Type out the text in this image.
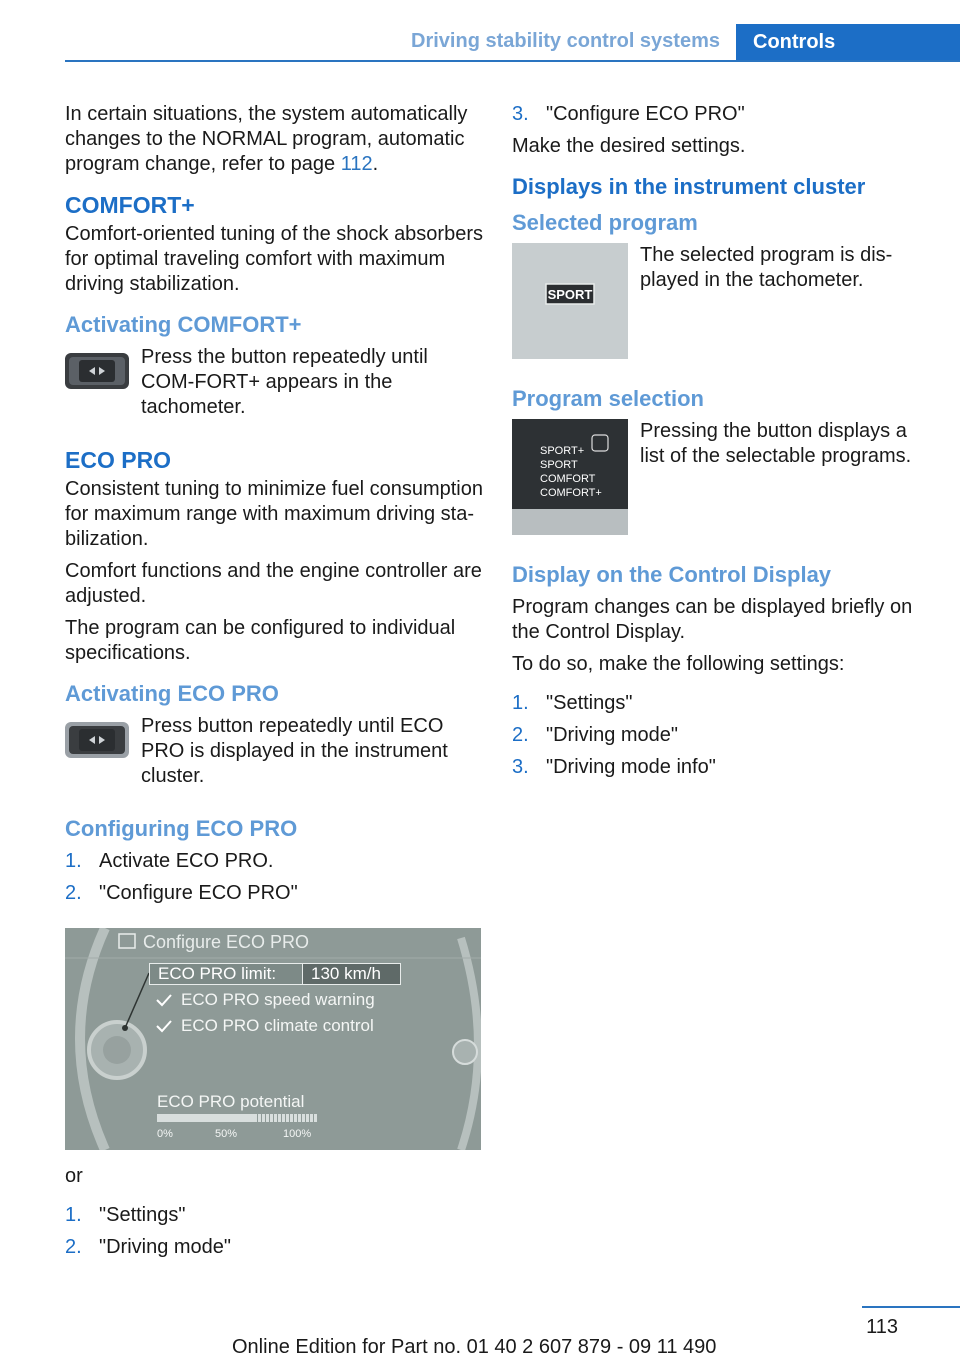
Driving stability control systems	Controls

In certain situations, the system automatically changes to the NORMAL program, automatic program change, refer to page 112.

COMFORT+

Comfort-oriented tuning of the shock absorbers for optimal traveling comfort with maximum driving stabilization.

Activating COMFORT+
Press the button repeatedly until COM-FORT+ appears in the tachometer.
ECO PRO

Consistent tuning to minimize fuel consumption for maximum range with maximum driving sta-bilization.

Comfort functions and the engine controller are adjusted.

The program can be configured to individual specifications.

Activating ECO PRO
Press button repeatedly until ECO PRO is displayed in the instrument cluster.
Configuring ECO PRO
1. Activate ECO PRO.
2. "Configure ECO PRO"
Configure ECO PRO
ECO PRO limit:	130 km/h
ECO PRO speed warning
ECO PRO climate control
ECO PRO potential
0%	50%	100%

or

1. "Settings"
2. "Driving mode"
3. "Configure ECO PRO"

Make the desired settings.

Displays in the instrument cluster
Selected program
SPORT
The selected program is dis-played in the tachometer.
Program selection
SPORT+
SPORT
COMFORT
COMFORT+
Pressing the button displays a list of the selectable programs.
Display on the Control Display

Program changes can be displayed briefly on the Control Display.

To do so, make the following settings:

1. "Settings"
2. "Driving mode"
3. "Driving mode info"
113
Online Edition for Part no. 01 40 2 607 879 - 09 11 490
